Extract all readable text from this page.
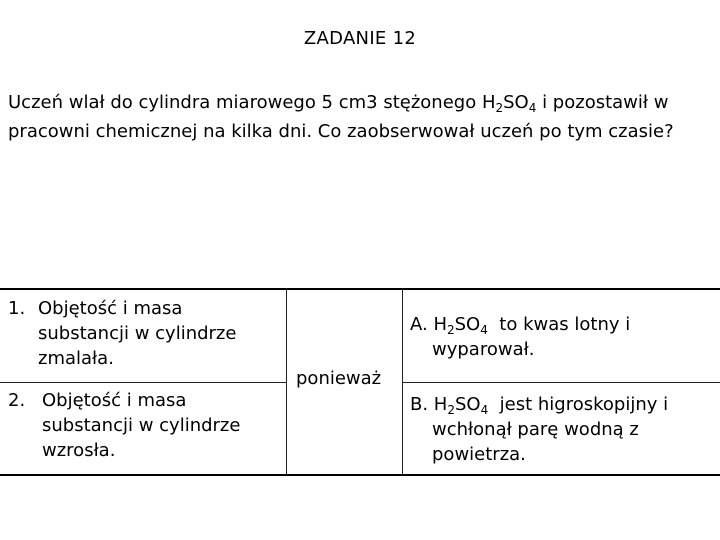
ZADANIE 12
Uczeń wlał do cylindra miarowego 5 cm3 stężonego $H_2SO_4$ i pozostawił w pracowni chemicznej na kilka dni. Co zaobserwował uczeń po tym czasie?
1. Objętość i masa substancji w cylindrze zmalała.
2. Objętość i masa substancji w cylindrze wzrosła.
ponieważ
A. $H_2SO_4$  to kwas lotny i
wyparował.
B. $H_2SO_4$  jest higroskopijny i
wchłonął parę wodną z powietrza.
